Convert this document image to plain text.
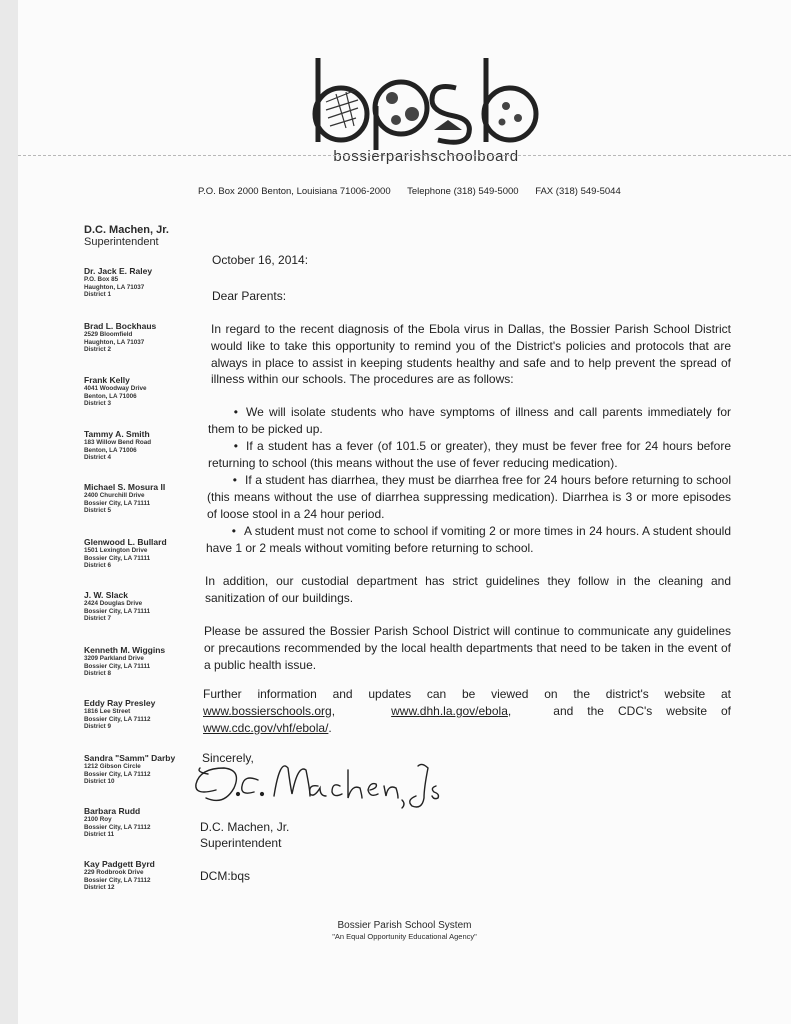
bossierparishschoolboard
P.O. Box 2000 Benton, Louisiana 71006-2000 Telephone (318) 549-5000 FAX (318) 549-5044
D.C. Machen, Jr.
Superintendent
Dr. Jack E. Raley
P.O. Box 85
Haughton, LA 71037
District 1
Brad L. Bockhaus
2529 Bloomfield
Haughton, LA 71037
District 2
Frank Kelly
4041 Woodway Drive
Benton, LA 71006
District 3
Tammy A. Smith
183 Willow Bend Road
Benton, LA 71006
District 4
Michael S. Mosura II
2400 Churchill Drive
Bossier City, LA 71111
District 5
Glenwood L. Bullard
1501 Lexington Drive
Bossier City, LA 71111
District 6
J. W. Slack
2424 Douglas Drive
Bossier City, LA 71111
District 7
Kenneth M. Wiggins
3209 Parkland Drive
Bossier City, LA 71111
District 8
Eddy Ray Presley
1816 Lee Street
Bossier City, LA 71112
District 9
Sandra "Samm" Darby
1212 Gibson Circle
Bossier City, LA 71112
District 10
Barbara Rudd
2100 Roy
Bossier City, LA 71112
District 11
Kay Padgett Byrd
229 Rodbrook Drive
Bossier City, LA 71112
District 12
October 16, 2014:
Dear Parents:
In regard to the recent diagnosis of the Ebola virus in Dallas, the Bossier Parish School District would like to take this opportunity to remind you of the District's policies and protocols that are always in place to assist in keeping students healthy and safe and to help prevent the spread of illness within our schools. The procedures are as follows:
• We will isolate students who have symptoms of illness and call parents immediately for them to be picked up.
• If a student has a fever (of 101.5 or greater), they must be fever free for 24 hours before returning to school (this means without the use of fever reducing medication).
• If a student has diarrhea, they must be diarrhea free for 24 hours before returning to school (this means without the use of diarrhea suppressing medication). Diarrhea is 3 or more episodes of loose stool in a 24 hour period.
• A student must not come to school if vomiting 2 or more times in 24 hours. A student should have 1 or 2 meals without vomiting before returning to school.
In addition, our custodial department has strict guidelines they follow in the cleaning and sanitization of our buildings.
Please be assured the Bossier Parish School District will continue to communicate any guidelines or precautions recommended by the local health departments that need to be taken in the event of a public health issue.
Further information and updates can be viewed on the district's website at www.bossierschools.org,    www.dhh.la.gov/ebola,   and the CDC's website of www.cdc.gov/vhf/ebola/.
Sincerely,
D.C. Machen, Jr.
Superintendent
DCM:bqs
Bossier Parish School System
"An Equal Opportunity Educational Agency"
